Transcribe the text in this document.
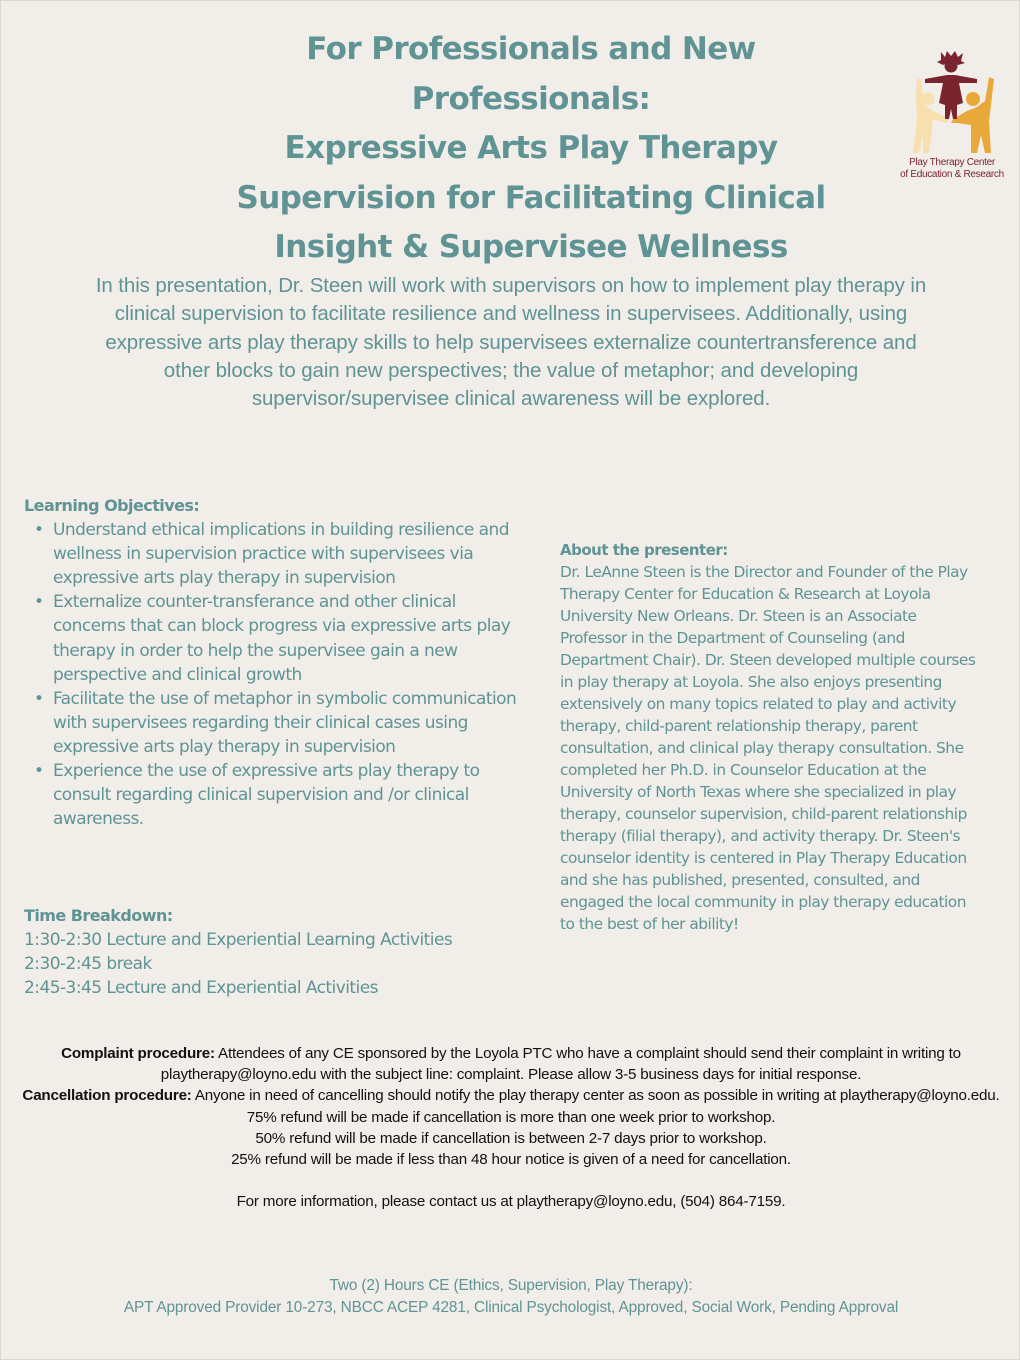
For Professionals and New
Professionals:
Expressive Arts Play Therapy
Supervision for Facilitating Clinical
Insight & Supervisee Wellness
Play Therapy Center
of Education & Research

In this presentation, Dr. Steen will work with supervisors on how to implement play therapy in clinical supervision to facilitate resilience and wellness in supervisees. Additionally, using expressive arts play therapy skills to help supervisees externalize countertransference and other blocks to gain new perspectives; the value of metaphor; and developing supervisor/supervisee clinical awareness will be explored.

Learning Objectives:

• Understand ethical implications in building resilience and wellness in supervision practice with supervisees via expressive arts play therapy in supervision
• Externalize counter-transferance and other clinical concerns that can block progress via expressive arts play therapy in order to help the supervisee gain a new perspective and clinical growth
• Facilitate the use of metaphor in symbolic communication with supervisees regarding their clinical cases using expressive arts play therapy in supervision
• Experience the use of expressive arts play therapy to consult regarding clinical supervision and /or clinical awareness.

Time Breakdown:

1:30-2:30 Lecture and Experiential Learning Activities
2:30-2:45 break
2:45-3:45 Lecture and Experiential Activities

About the presenter:

Dr. LeAnne Steen is the Director and Founder of the Play Therapy Center for Education & Research at Loyola University New Orleans. Dr. Steen is an Associate Professor in the Department of Counseling (and Department Chair). Dr. Steen developed multiple courses in play therapy at Loyola. She also enjoys presenting extensively on many topics related to play and activity therapy, child-parent relationship therapy, parent consultation, and clinical play therapy consultation. She completed her Ph.D. in Counselor Education at the University of North Texas where she specialized in play therapy, counselor supervision, child-parent relationship therapy (filial therapy), and activity therapy. Dr. Steen's counselor identity is centered in Play Therapy Education and she has published, presented, consulted, and engaged the local community in play therapy education to the best of her ability!

Complaint procedure: Attendees of any CE sponsored by the Loyola PTC who have a complaint should send their complaint in writing to playtherapy@loyno.edu with the subject line: complaint. Please allow 3-5 business days for initial response.

Cancellation procedure: Anyone in need of cancelling should notify the play therapy center as soon as possible in writing at playtherapy@loyno.edu.

75% refund will be made if cancellation is more than one week prior to workshop.

50% refund will be made if cancellation is between 2-7 days prior to workshop.

25% refund will be made if less than 48 hour notice is given of a need for cancellation.

For more information, please contact us at playtherapy@loyno.edu, (504) 864-7159.

Two (2) Hours CE (Ethics, Supervision, Play Therapy):

APT Approved Provider 10-273, NBCC ACEP 4281, Clinical Psychologist, Approved, Social Work, Pending Approval
